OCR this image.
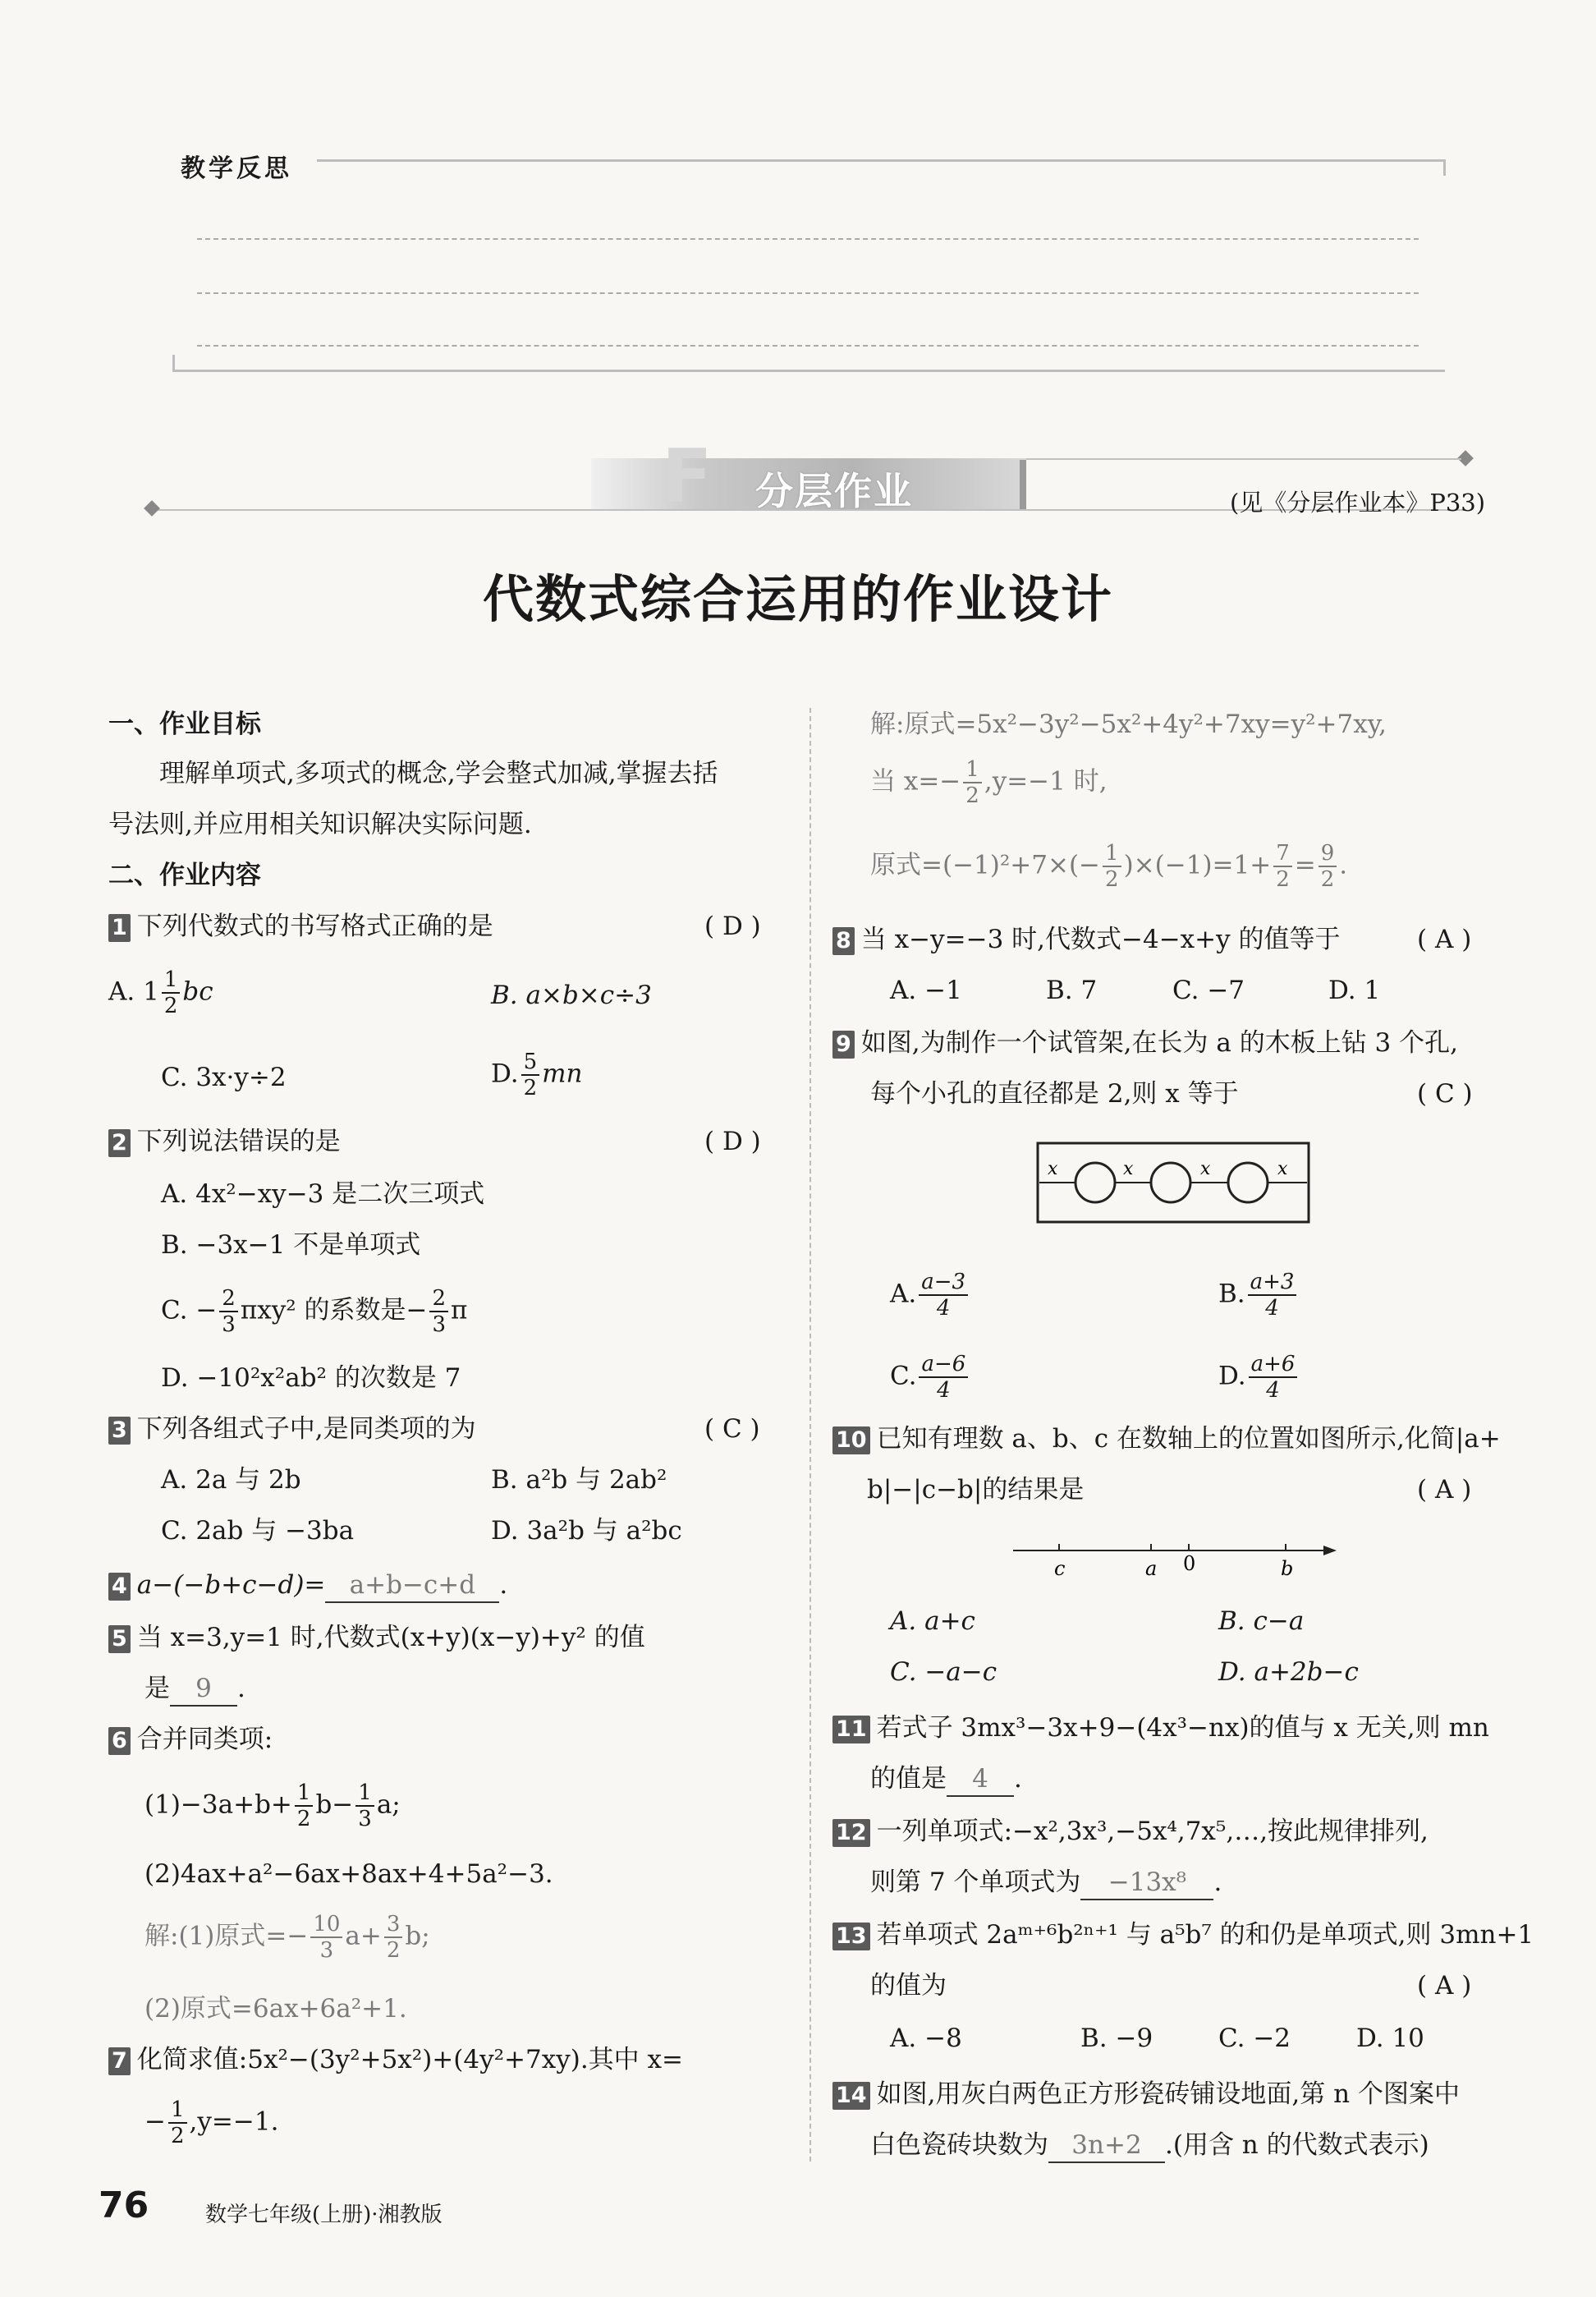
教学反思
F 分层作业	(见《分层作业本》P33)
代数式综合运用的作业设计
一、作业目标
理解单项式,多项式的概念,学会整式加减,掌握去括
号法则,并应用相关知识解决实际问题.
二、作业内容
1 下列代数式的书写格式正确的是	( D )
A. $1 \frac{1}{2}$ bc	B. a×b×c÷3
C. 3x·y÷2	D. $\frac{5}{2}$ mn
2 下列说法错误的是	( D )
A. 4x²−xy−3 是二次三项式
B. −3x−1 不是单项式
C. − $\frac{2}{3} \pi xy^2$ 的系数是− $\frac{2}{3}$ π
D. −10²x²ab² 的次数是 7
3 下列各组式子中,是同类项的为	( C )
A. 2a 与 2b	B. a²b 与 2ab²
C. 2ab 与 −3ba	D. 3a²b 与 a²bc
4 a−(−b+c−d)= a+b−c+d .
5 当 x=3,y=1 时,代数式(x+y)(x−y)+y² 的值
是 9 .
6 合并同类项:
$(1)-3a+b+ \frac{1}{2} b- \frac{1}{3} a$;
(2)4ax+a²−6ax+8ax+4+5a²−3.
解:(1)原式=− $\frac{10}{3} a+ \frac{3}{2} b$;
(2)原式=6ax+6a²+1.
7 化简求值:5x²−(3y²+5x²)+(4y²+7xy).其中 x=
− $\frac{1}{2} ,y=-1$.
76	数学七年级(上册)·湘教版
解:原式=5x²−3y²−5x²+4y²+7xy=y²+7xy,
当 $x=- \frac{1}{2} ,y=-1$ 时,
原式$=(-1)^2+7\times(- \frac{1}{2} )\times(-1)=1+ \frac{7}{2} = \frac{9}{2}$ .
8 当 x−y=−3 时,代数式−4−x+y 的值等于	( A )
A. −1	B. 7	C. −7	D. 1
9 如图,为制作一个试管架,在长为 a 的木板上钻 3 个孔,
每个小孔的直径都是 2,则 x 等于	( C )
x	x	x	x
A. $\frac{a-3}{4}$	B. $\frac{a+3}{4}$
C. $\frac{a-6}{4}$	D. $\frac{a+6}{4}$
10 已知有理数 a、b、c 在数轴上的位置如图所示,化简|a+
b|−|c−b|的结果是	( A )
c	a 0	b
A. a+c	B. c−a
C. −a−c	D. a+2b−c
11 若式子 3mx³−3x+9−(4x³−nx)的值与 x 无关,则 mn
的值是 4 .
12 一列单项式:−x²,3x³,−5x⁴,7x⁵,…,按此规律排列,
则第 7 个单项式为 −13x⁸ .
13 若单项式 2aᵐ⁺⁶b²ⁿ⁺¹ 与 a⁵b⁷ 的和仍是单项式,则 3mn+1
的值为	( A )
A. −8	B. −9	C. −2	D. 10
14 如图,用灰白两色正方形瓷砖铺设地面,第 n 个图案中
白色瓷砖块数为 3n+2 .(用含 n 的代数式表示)
